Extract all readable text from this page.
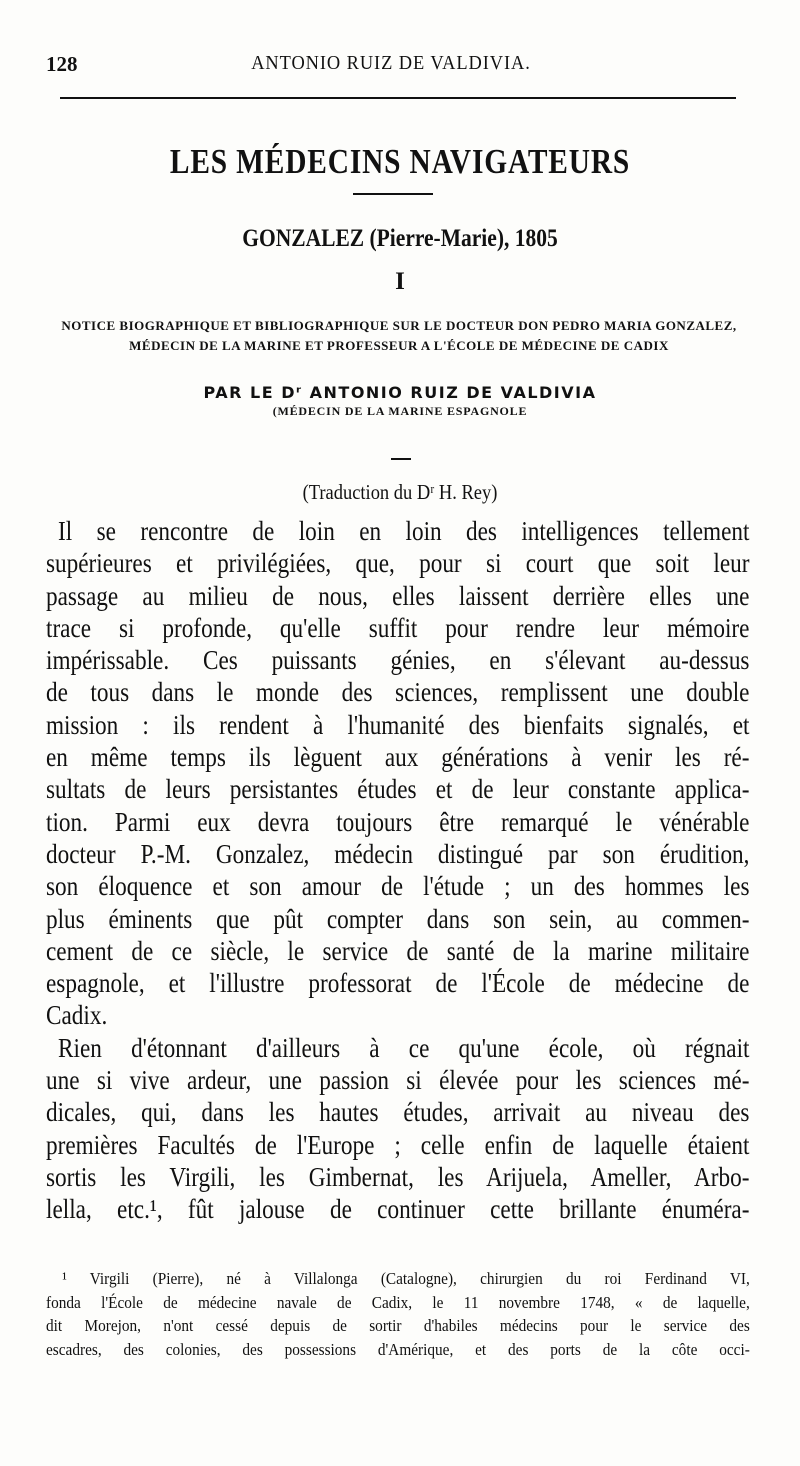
128	ANTONIO RUIZ DE VALDIVIA.
LES MÉDECINS NAVIGATEURS
GONZALEZ (Pierre-Marie), 1805
I
NOTICE BIOGRAPHIQUE ET BIBLIOGRAPHIQUE SUR LE DOCTEUR DON PEDRO MARIA GONZALEZ,
MÉDECIN DE LA MARINE ET PROFESSEUR A L'ÉCOLE DE MÉDECINE DE CADIX
PAR LE Dʳ ANTONIO RUIZ DE VALDIVIA
(MÉDECIN DE LA MARINE ESPAGNOLE
(Traduction du Dʳ H. Rey)
Il se rencontre de loin en loin des intelligences tellement
supérieures et privilégiées, que, pour si court que soit leur
passage au milieu de nous, elles laissent derrière elles une
trace si profonde, qu'elle suffit pour rendre leur mémoire
impérissable. Ces puissants génies, en s'élevant au-dessus
de tous dans le monde des sciences, remplissent une double
mission : ils rendent à l'humanité des bienfaits signalés, et
en même temps ils lèguent aux générations à venir les ré-
sultats de leurs persistantes études et de leur constante applica-
tion. Parmi eux devra toujours être remarqué le vénérable
docteur P.-M. Gonzalez, médecin distingué par son érudition,
son éloquence et son amour de l'étude ; un des hommes les
plus éminents que pût compter dans son sein, au commen-
cement de ce siècle, le service de santé de la marine militaire
espagnole, et l'illustre professorat de l'École de médecine de
Cadix.
Rien d'étonnant d'ailleurs à ce qu'une école, où régnait
une si vive ardeur, une passion si élevée pour les sciences mé-
dicales, qui, dans les hautes études, arrivait au niveau des
premières Facultés de l'Europe ; celle enfin de laquelle étaient
sortis les Virgili, les Gimbernat, les Arijuela, Ameller, Arbo-
lella, etc.¹, fût jalouse de continuer cette brillante énuméra-
¹ Virgili (Pierre), né à Villalonga (Catalogne), chirurgien du roi Ferdinand VI,
fonda l'École de médecine navale de Cadix, le 11 novembre 1748, « de laquelle,
dit Morejon, n'ont cessé depuis de sortir d'habiles médecins pour le service des
escadres, des colonies, des possessions d'Amérique, et des ports de la côte occi-
